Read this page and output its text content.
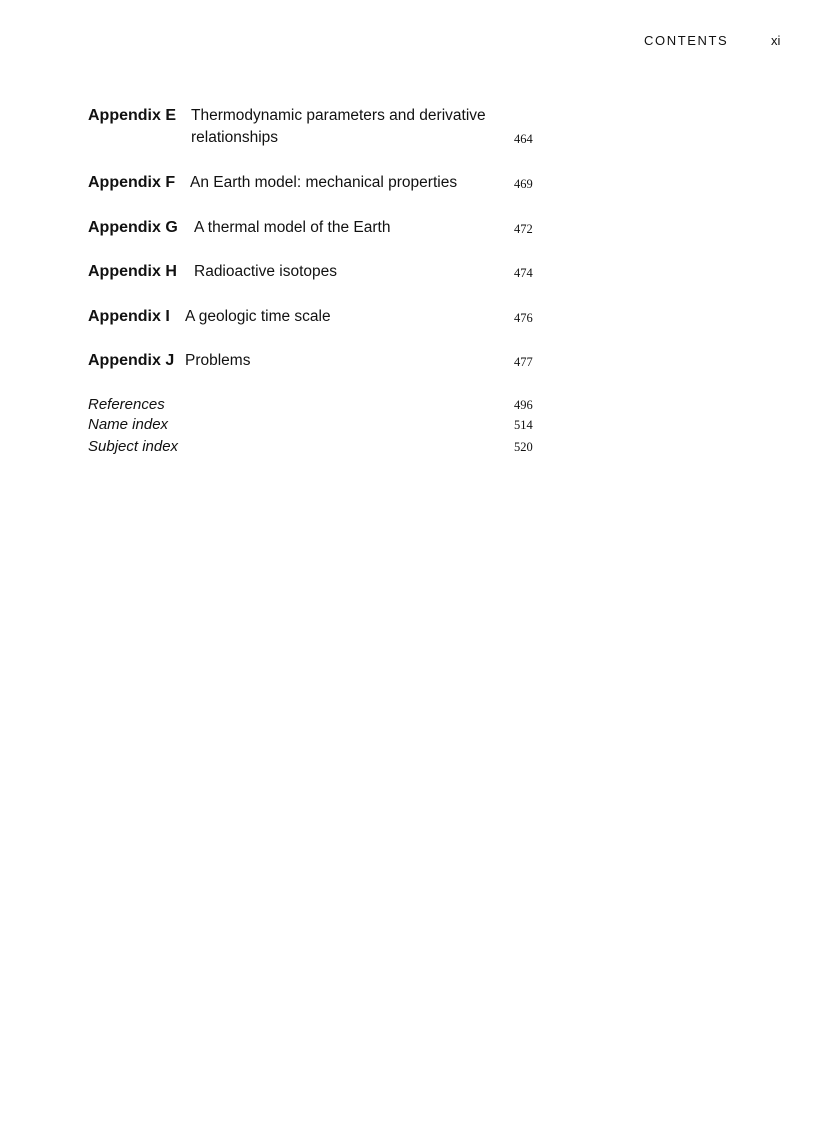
CONTENTS	xi
Appendix E Thermodynamic parameters and derivative
relationships	464
Appendix F An Earth model: mechanical properties	469
Appendix G A thermal model of the Earth	472
Appendix H Radioactive isotopes	474
Appendix I A geologic time scale	476
Appendix J Problems	477
References	496
Name index	514
Subject index	520
